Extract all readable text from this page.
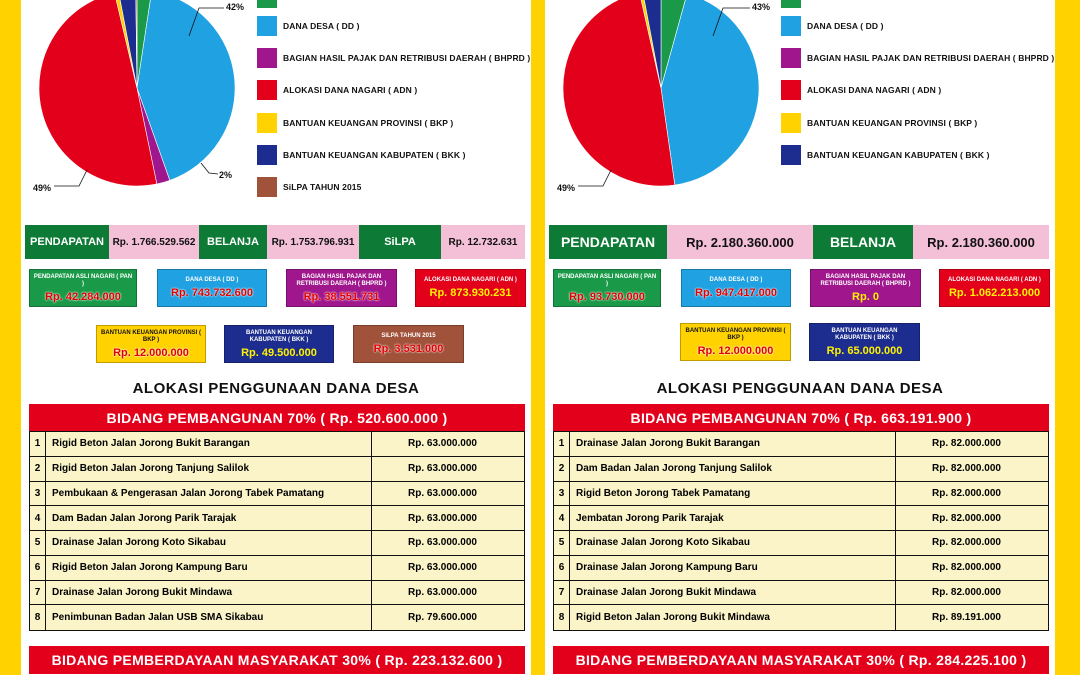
42%
2%
49%
DANA DESA ( DD )
BAGIAN HASIL PAJAK DAN RETRIBUSI DAERAH ( BHPRD )
ALOKASI DANA NAGARI ( ADN )
BANTUAN KEUANGAN PROVINSI ( BKP )
BANTUAN KEUANGAN KABUPATEN ( BKK )
SiLPA TAHUN 2015
PENDAPATAN Rp. 1.766.529.562	BELANJA	Rp. 1.753.796.931	SiLPA	Rp. 12.732.631
PENDAPATAN ASLI NAGARI ( PAN )
Rp. 42.284.000
DANA DESA ( DD )
Rp. 743.732.600
BAGIAN HASIL PAJAK DAN RETRIBUSI DAERAH ( BHPRD )
Rp. 38.551.731
ALOKASI DANA NAGARI ( ADN )
Rp. 873.930.231
BANTUAN KEUANGAN PROVINSI ( BKP )
Rp. 12.000.000
BANTUAN KEUANGAN KABUPATEN ( BKK )
Rp. 49.500.000
SiLPA TAHUN 2015
Rp. 3.531.000
ALOKASI PENGGUNAAN DANA DESA
BIDANG PEMBANGUNAN 70% ( Rp. 520.600.000 )
1	Rigid Beton Jalan Jorong Bukit Barangan	Rp. 63.000.000
2	Rigid Beton Jalan Jorong Tanjung Salilok	Rp. 63.000.000
3	Pembukaan & Pengerasan Jalan Jorong Tabek Pamatang	Rp. 63.000.000
4	Dam Badan Jalan Jorong Parik Tarajak	Rp. 63.000.000
5	Drainase Jalan Jorong Koto Sikabau	Rp. 63.000.000
6	Rigid Beton Jalan Jorong Kampung Baru	Rp. 63.000.000
7	Drainase Jalan Jorong Bukit Mindawa	Rp. 63.000.000
8	Penimbunan Badan Jalan USB SMA Sikabau	Rp. 79.600.000
BIDANG PEMBERDAYAAN MASYARAKAT 30% ( Rp. 223.132.600 )
43%
49%
DANA DESA ( DD )
BAGIAN HASIL PAJAK DAN RETRIBUSI DAERAH ( BHPRD )
ALOKASI DANA NAGARI ( ADN )
BANTUAN KEUANGAN PROVINSI ( BKP )
BANTUAN KEUANGAN KABUPATEN ( BKK )
PENDAPATAN	Rp. 2.180.360.000	BELANJA	Rp. 2.180.360.000
PENDAPATAN ASLI NAGARI ( PAN )
Rp. 93.730.000
DANA DESA ( DD )
Rp. 947.417.000
BAGIAN HASIL PAJAK DAN RETRIBUSI DAERAH ( BHPRD )
Rp. 0
ALOKASI DANA NAGARI ( ADN )
Rp. 1.062.213.000
BANTUAN KEUANGAN PROVINSI ( BKP )
Rp. 12.000.000
BANTUAN KEUANGAN KABUPATEN ( BKK )
Rp. 65.000.000
ALOKASI PENGGUNAAN DANA DESA
BIDANG PEMBANGUNAN 70% ( Rp. 663.191.900 )
1	Drainase Jalan Jorong Bukit Barangan	Rp. 82.000.000
2	Dam Badan Jalan Jorong Tanjung Salilok	Rp. 82.000.000
3	Rigid Beton Jorong Tabek Pamatang	Rp. 82.000.000
4	Jembatan Jorong Parik Tarajak	Rp. 82.000.000
5	Drainase Jalan Jorong Koto Sikabau	Rp. 82.000.000
6	Drainase Jalan Jorong Kampung Baru	Rp. 82.000.000
7	Drainase Jalan Jorong Bukit Mindawa	Rp. 82.000.000
8	Rigid Beton Jalan Jorong Bukit Mindawa	Rp. 89.191.000
BIDANG PEMBERDAYAAN MASYARAKAT 30% ( Rp. 284.225.100 )
